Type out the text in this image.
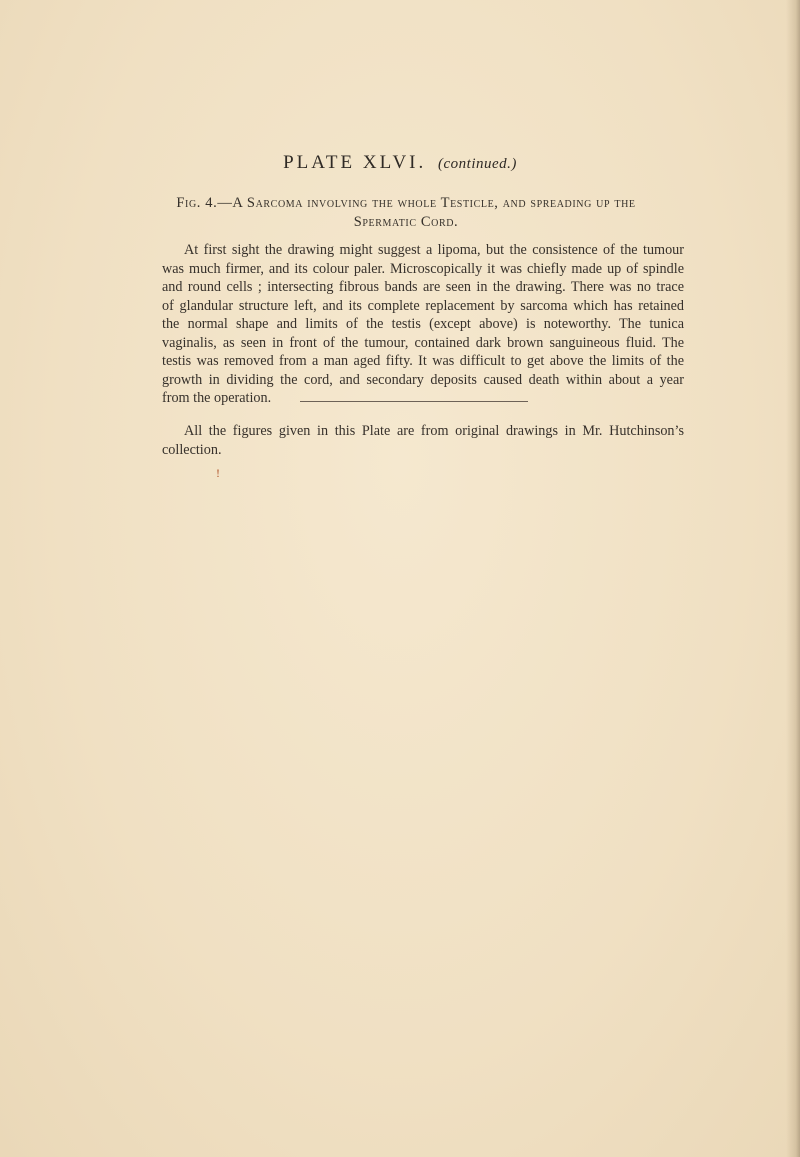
PLATE XLVI. (continued.)
Fig. 4.—A Sarcoma involving the whole Testicle, and spreading up the
Spermatic Cord.
At first sight the drawing might suggest a lipoma, but the consistence of the tumour
was much firmer, and its colour paler. Microscopically it was chiefly made up of spindle
and round cells ; intersecting fibrous bands are seen in the drawing. There was no trace
of glandular structure left, and its complete replacement by sarcoma which has retained
the normal shape and limits of the testis (except above) is noteworthy. The tunica
vaginalis, as seen in front of the tumour, contained dark brown sanguineous fluid. The
testis was removed from a man aged fifty. It was difficult to get above the limits of the
growth in dividing the cord, and secondary deposits caused death within about a year
from the operation.
All the figures given in this Plate are from original drawings in Mr. Hutchinson’s
collection.
!
